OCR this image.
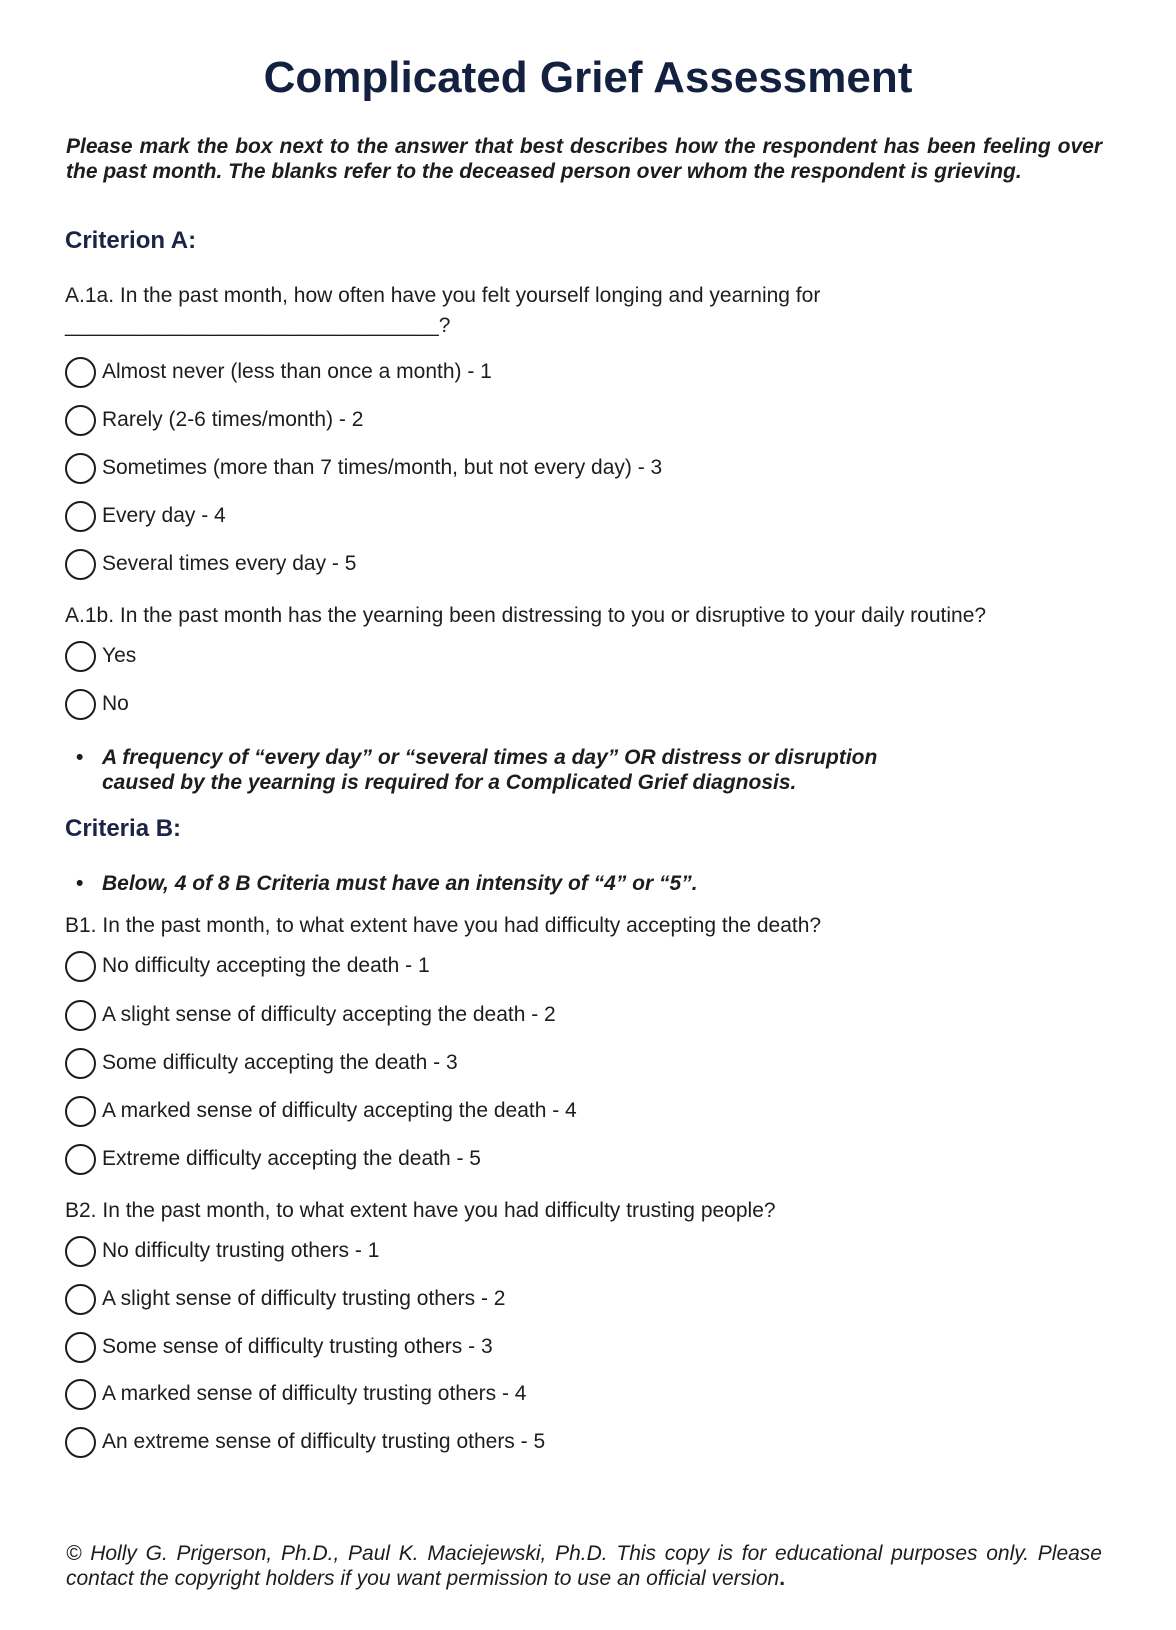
Complicated Grief Assessment

Please mark the box next to the answer that best describes how the respondent has been feeling over the past month. The blanks refer to the deceased person over whom the respondent is grieving.

Criterion A:
A.1a. In the past month, how often have you felt yourself longing and yearning for
________________________________?
Almost never (less than once a month) - 1
Rarely (2-6 times/month) - 2
Sometimes (more than 7 times/month, but not every day) - 3
Every day - 4
Several times every day - 5
A.1b. In the past month has the yearning been distressing to you or disruptive to your daily routine?
Yes
No

• A frequency of “every day” or “several times a day” OR distress or disruption caused by the yearning is required for a Complicated Grief diagnosis.

Criteria B:

• Below, 4 of 8 B Criteria must have an intensity of “4” or “5”.

B1. In the past month, to what extent have you had difficulty accepting the death?
No difficulty accepting the death - 1
A slight sense of difficulty accepting the death - 2
Some difficulty accepting the death - 3
A marked sense of difficulty accepting the death - 4
Extreme difficulty accepting the death - 5
B2. In the past month, to what extent have you had difficulty trusting people?
No difficulty trusting others - 1
A slight sense of difficulty trusting others - 2
Some sense of difficulty trusting others - 3
A marked sense of difficulty trusting others - 4
An extreme sense of difficulty trusting others - 5

© Holly G. Prigerson, Ph.D., Paul K. Maciejewski, Ph.D. This copy is for educational purposes only. Please contact the copyright holders if you want permission to use an official version.
